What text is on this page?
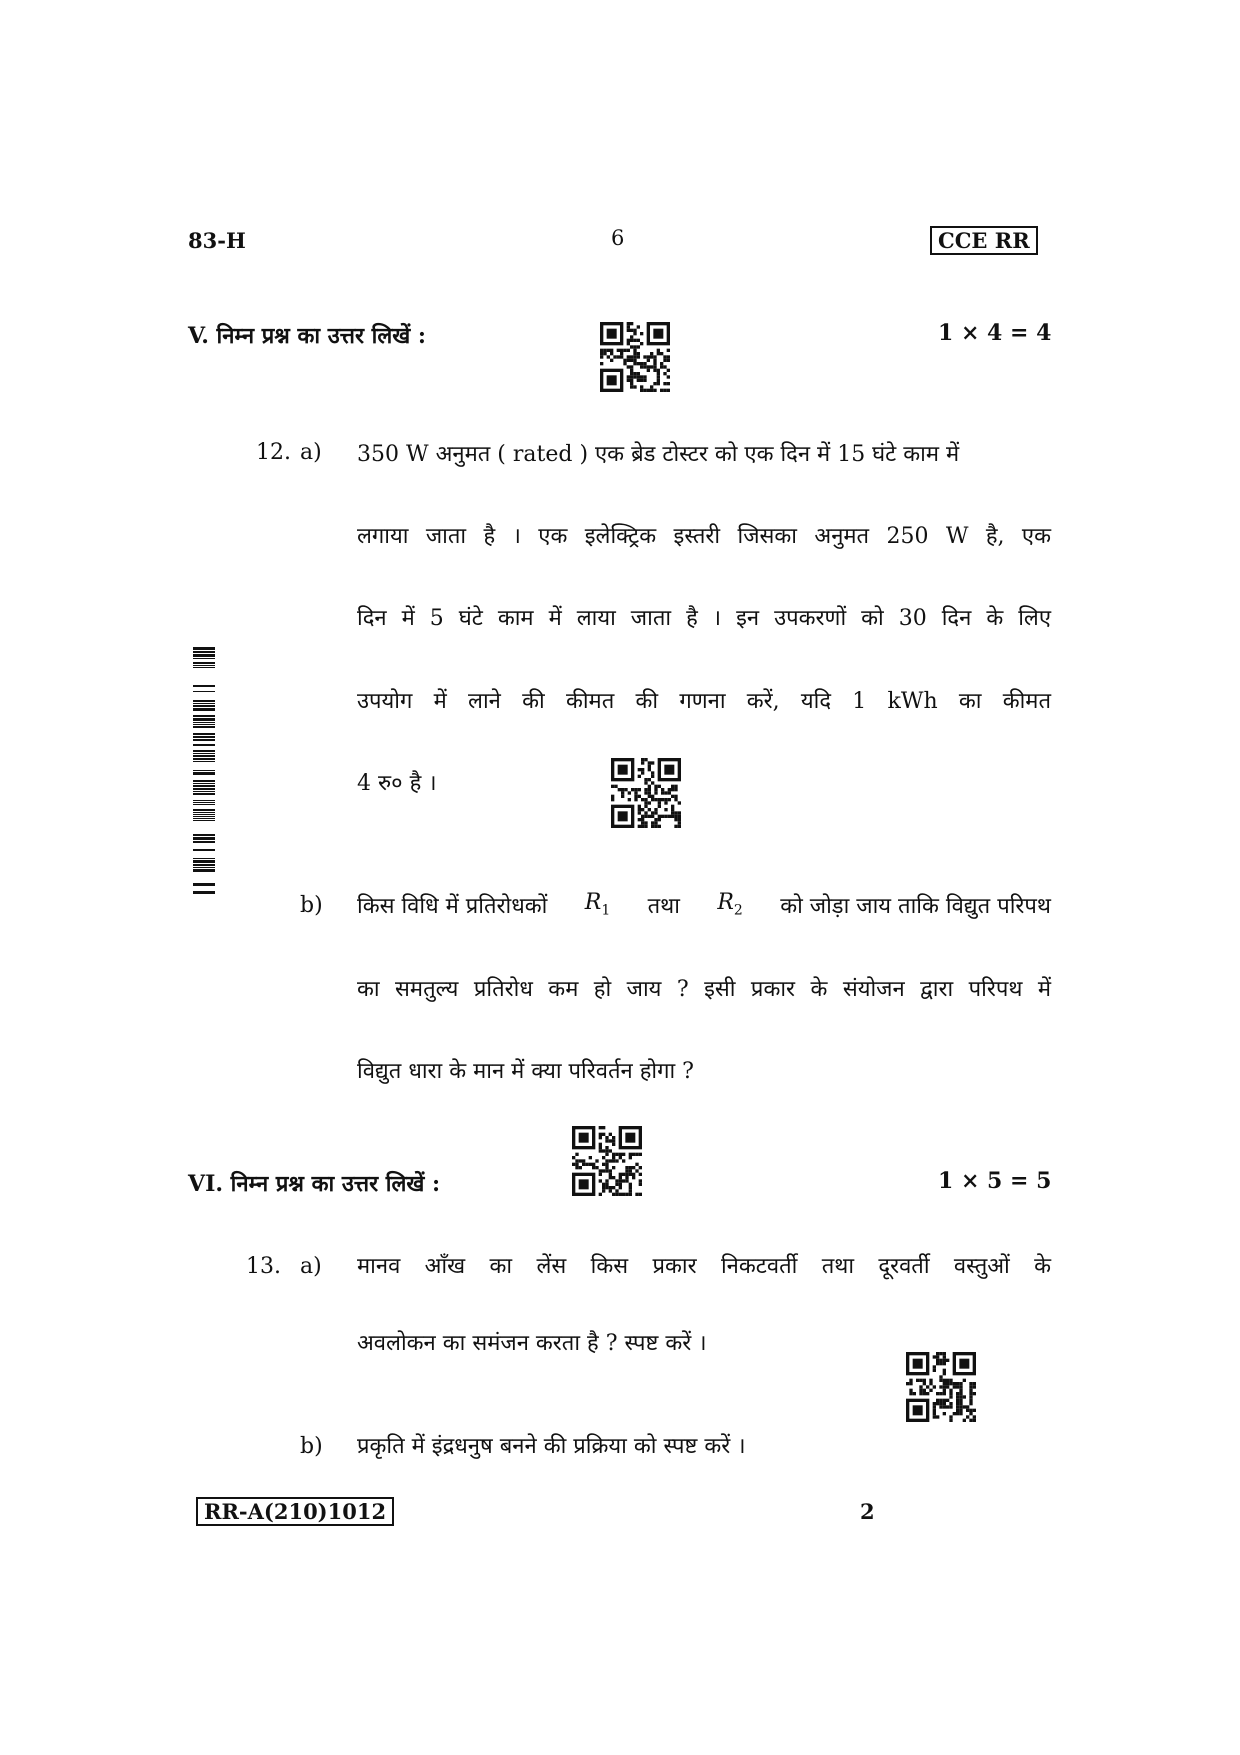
83-H	6	CCE RR
V. निम्न प्रश्न का उत्तर लिखें :	1 × 4 = 4
12. a) 350 W अनुमत ( rated ) एक ब्रेड टोस्टर को एक दिन में 15 घंटे काम में
लगाया जाता है । एक इलेक्ट्रिक इस्तरी जिसका अनुमत 250 W है, एक
दिन में 5 घंटे काम में लाया जाता है । इन उपकरणों को 30 दिन के लिए
उपयोग में लाने की कीमत की गणना करें, यदि 1 kWh का कीमत
4 रु० है ।
b) किस विधि में प्रतिरोधकों $R_1$ तथा $R_2$ को जोड़ा जाय ताकि विद्युत परिपथ
का समतुल्य प्रतिरोध कम हो जाय ? इसी प्रकार के संयोजन द्वारा परिपथ में
विद्युत धारा के मान में क्या परिवर्तन होगा ?
VI. निम्न प्रश्न का उत्तर लिखें :	1 × 5 = 5
13. a) मानव आँख का लेंस किस प्रकार निकटवर्ती तथा दूरवर्ती वस्तुओं के
अवलोकन का समंजन करता है ? स्पष्ट करें ।
b) प्रकृति में इंद्रधनुष बनने की प्रक्रिया को स्पष्ट करें ।
RR-A(210)1012	2
